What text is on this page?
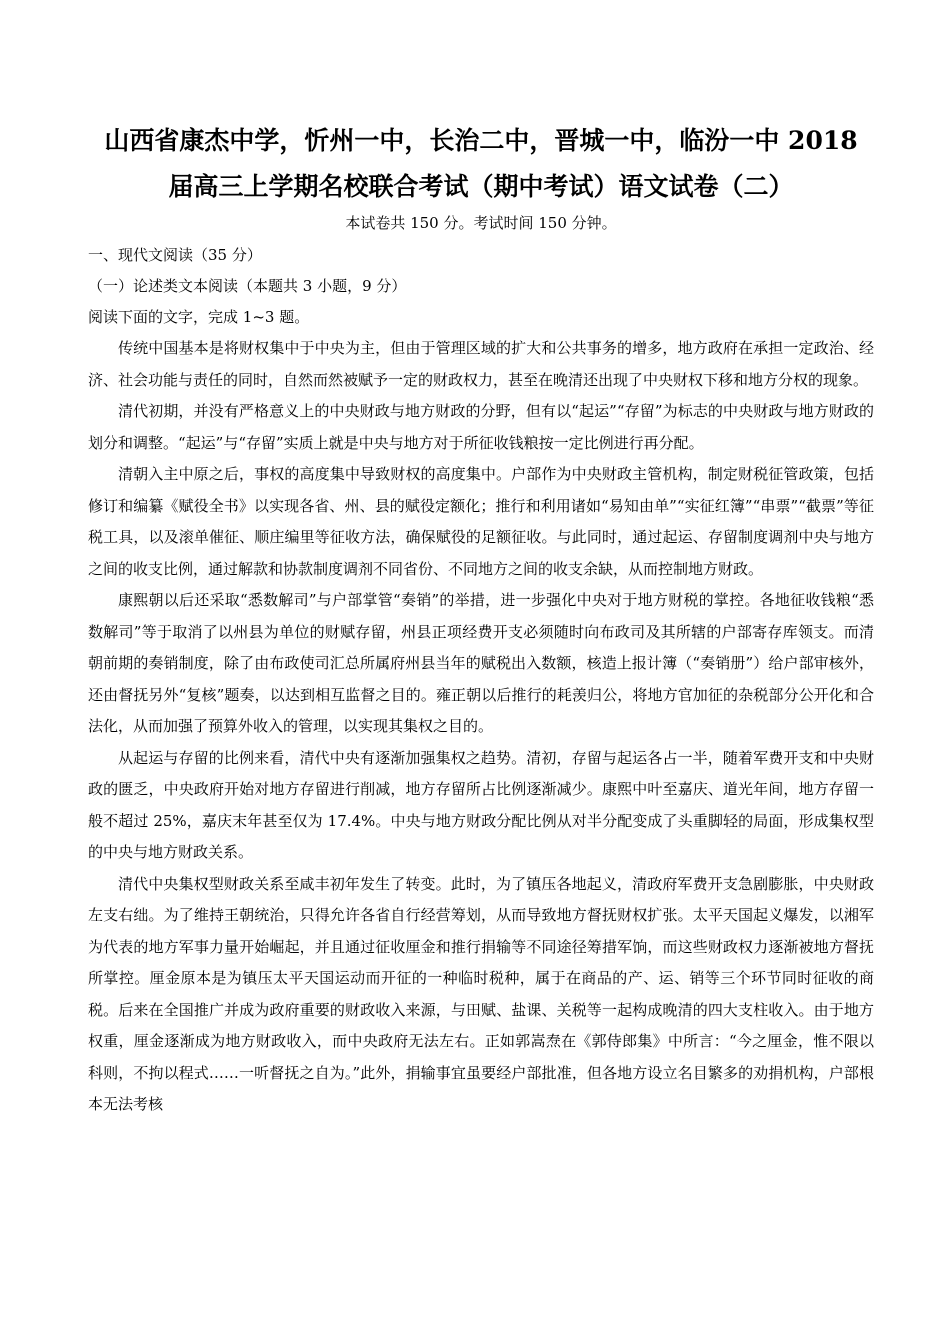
山西省康杰中学，忻州一中，长治二中，晋城一中，临汾一中 2018
届高三上学期名校联合考试（期中考试）语文试卷（二）

本试卷共 150 分。考试时间 150 分钟。

一、现代文阅读（35 分）

（一）论述类文本阅读（本题共 3 小题，9 分）

阅读下面的文字，完成 1~3 题。

传统中国基本是将财权集中于中央为主，但由于管理区域的扩大和公共事务的增多，地方政府在承担一定政治、经济、社会功能与责任的同时，自然而然被赋予一定的财政权力，甚至在晚清还出现了中央财权下移和地方分权的现象。

清代初期，并没有严格意义上的中央财政与地方财政的分野，但有以“起运”“存留”为标志的中央财政与地方财政的划分和调整。“起运”与“存留”实质上就是中央与地方对于所征收钱粮按一定比例进行再分配。

清朝入主中原之后，事权的高度集中导致财权的高度集中。户部作为中央财政主管机构，制定财税征管政策，包括修订和编纂《赋役全书》以实现各省、州、县的赋役定额化；推行和利用诸如“易知由单”“实征红簿”“串票”“截票”等征税工具，以及滚单催征、顺庄编里等征收方法，确保赋役的足额征收。与此同时，通过起运、存留制度调剂中央与地方之间的收支比例，通过解款和协款制度调剂不同省份、不同地方之间的收支余缺，从而控制地方财政。

康熙朝以后还采取“悉数解司”与户部掌管“奏销”的举措，进一步强化中央对于地方财税的掌控。各地征收钱粮“悉数解司”等于取消了以州县为单位的财赋存留，州县正项经费开支必须随时向布政司及其所辖的户部寄存库领支。而清朝前期的奏销制度，除了由布政使司汇总所属府州县当年的赋税出入数额，核造上报计簿（“奏销册”）给户部审核外，还由督抚另外“复核”题奏，以达到相互监督之目的。雍正朝以后推行的耗羡归公，将地方官加征的杂税部分公开化和合法化，从而加强了预算外收入的管理，以实现其集权之目的。

从起运与存留的比例来看，清代中央有逐渐加强集权之趋势。清初，存留与起运各占一半，随着军费开支和中央财政的匮乏，中央政府开始对地方存留进行削减，地方存留所占比例逐渐减少。康熙中叶至嘉庆、道光年间，地方存留一般不超过 25%，嘉庆末年甚至仅为 17.4%。中央与地方财政分配比例从对半分配变成了头重脚轻的局面，形成集权型的中央与地方财政关系。

清代中央集权型财政关系至咸丰初年发生了转变。此时，为了镇压各地起义，清政府军费开支急剧膨胀，中央财政左支右绌。为了维持王朝统治，只得允许各省自行经营筹划，从而导致地方督抚财权扩张。太平天国起义爆发，以湘军为代表的地方军事力量开始崛起，并且通过征收厘金和推行捐输等不同途径筹措军饷，而这些财政权力逐渐被地方督抚所掌控。厘金原本是为镇压太平天国运动而开征的一种临时税种，属于在商品的产、运、销等三个环节同时征收的商税。后来在全国推广并成为政府重要的财政收入来源，与田赋、盐课、关税等一起构成晚清的四大支柱收入。由于地方权重，厘金逐渐成为地方财政收入，而中央政府无法左右。正如郭嵩焘在《郭侍郎集》中所言：“今之厘金，惟不限以科则，不拘以程式……一听督抚之自为。”此外，捐输事宜虽要经户部批准，但各地方设立名目繁多的劝捐机构，户部根本无法考核
